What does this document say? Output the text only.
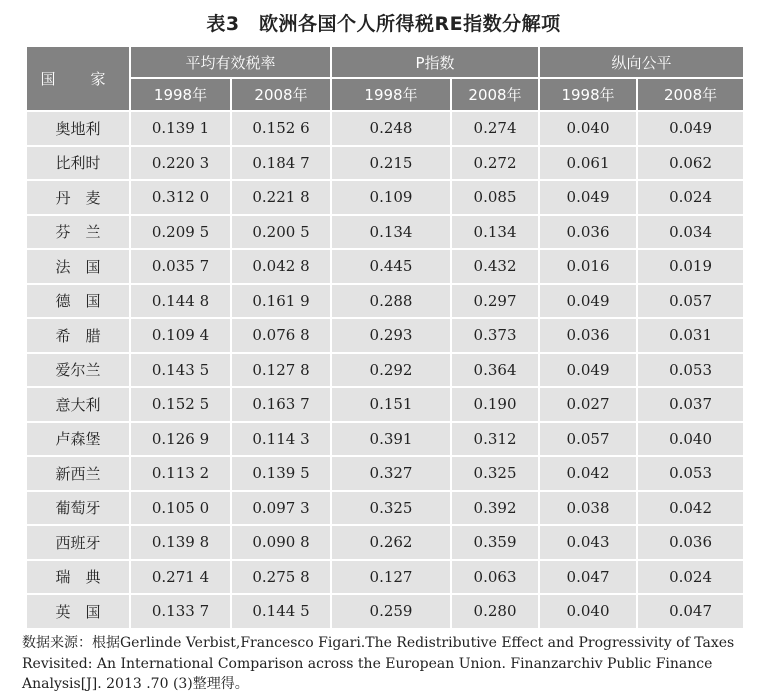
表3　欧洲各国个人所得税RE指数分解项
国　家	平均有效税率		P指数		纵向公平	
	1998年	2008年	1998年	2008年	1998年	2008年
奥地利	0.139 1	0.152 6	0.248	0.274	0.040	0.049
比利时	0.220 3	0.184 7	0.215	0.272	0.061	0.062
丹　麦	0.312 0	0.221 8	0.109	0.085	0.049	0.024
芬　兰	0.209 5	0.200 5	0.134	0.134	0.036	0.034
法　国	0.035 7	0.042 8	0.445	0.432	0.016	0.019
德　国	0.144 8	0.161 9	0.288	0.297	0.049	0.057
希　腊	0.109 4	0.076 8	0.293	0.373	0.036	0.031
爱尔兰	0.143 5	0.127 8	0.292	0.364	0.049	0.053
意大利	0.152 5	0.163 7	0.151	0.190	0.027	0.037
卢森堡	0.126 9	0.114 3	0.391	0.312	0.057	0.040
新西兰	0.113 2	0.139 5	0.327	0.325	0.042	0.053
葡萄牙	0.105 0	0.097 3	0.325	0.392	0.038	0.042
西班牙	0.139 8	0.090 8	0.262	0.359	0.043	0.036
瑞　典	0.271 4	0.275 8	0.127	0.063	0.047	0.024
英　国	0.133 7	0.144 5	0.259	0.280	0.040	0.047
数据来源：根据Gerlinde Verbist,Francesco Figari.The Redistributive Effect and Progressivity of Taxes Revisited: An International Comparison across the European Union. Finanzarchiv Public Finance Analysis[J]. 2013 .70 (3)整理得。
